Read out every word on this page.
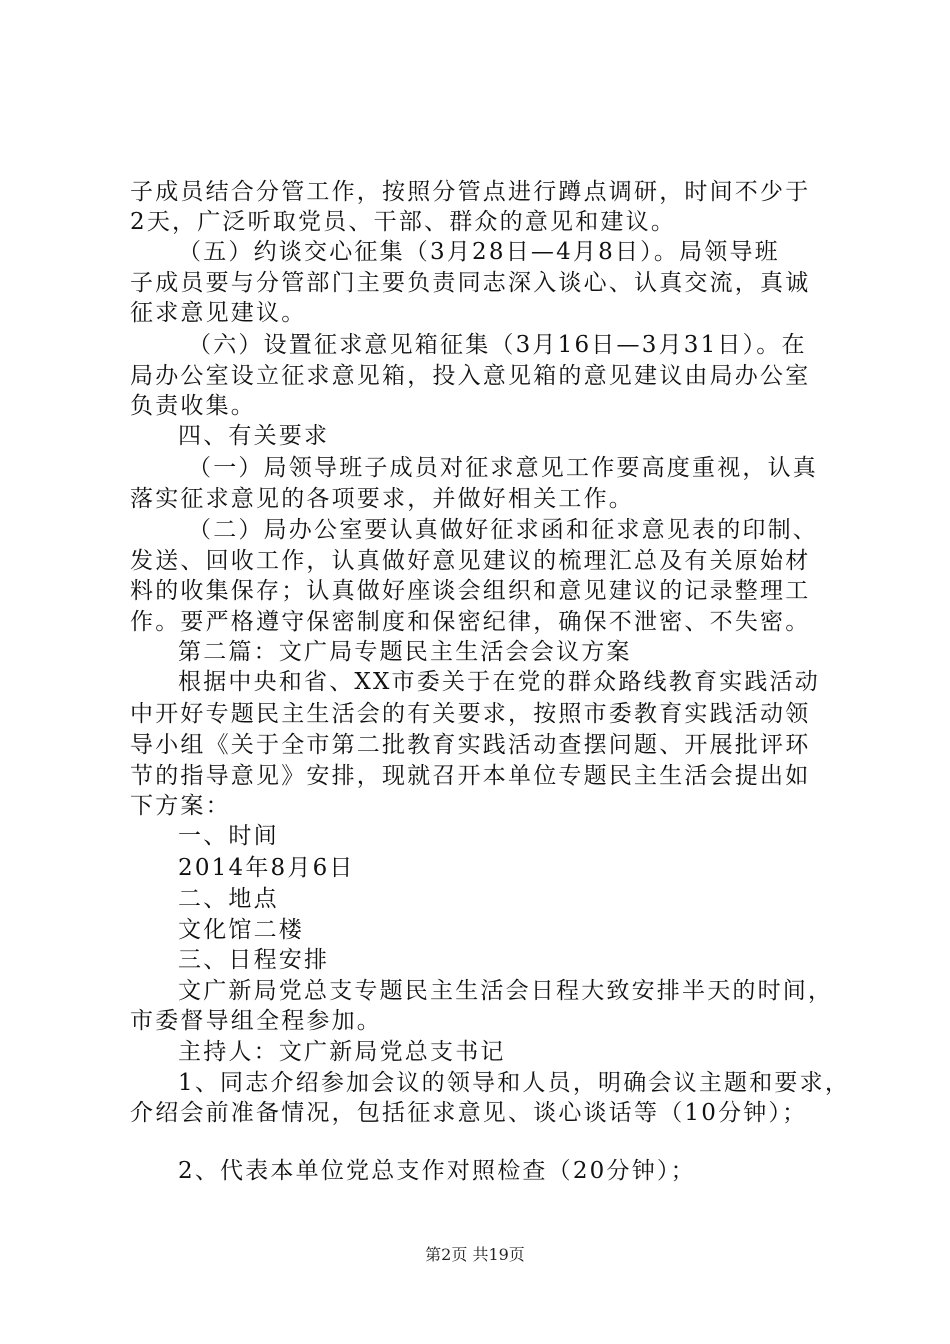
子成员结合分管工作，按照分管点进行蹲点调研，时间不少于
2天，广泛听取党员、干部、群众的意见和建议。
（五）约谈交心征集（3月28日—4月8日）。局领导班
子成员要与分管部门主要负责同志深入谈心、认真交流，真诚
征求意见建议。
（六）设置征求意见箱征集（3月16日—3月31日）。在
局办公室设立征求意见箱，投入意见箱的意见建议由局办公室
负责收集。
四、有关要求
（一）局领导班子成员对征求意见工作要高度重视，认真
落实征求意见的各项要求，并做好相关工作。
（二）局办公室要认真做好征求函和征求意见表的印制、
发送、回收工作，认真做好意见建议的梳理汇总及有关原始材
料的收集保存；认真做好座谈会组织和意见建议的记录整理工
作。要严格遵守保密制度和保密纪律，确保不泄密、不失密。
第二篇：文广局专题民主生活会会议方案
根据中央和省、XX市委关于在党的群众路线教育实践活动
中开好专题民主生活会的有关要求，按照市委教育实践活动领
导小组《关于全市第二批教育实践活动查摆问题、开展批评环
节的指导意见》安排，现就召开本单位专题民主生活会提出如
下方案：
一、时间
2014年8月6日
二、地点
文化馆二楼
三、日程安排
文广新局党总支专题民主生活会日程大致安排半天的时间，
市委督导组全程参加。
主持人：文广新局党总支书记
1、同志介绍参加会议的领导和人员，明确会议主题和要求，
介绍会前准备情况，包括征求意见、谈心谈话等（10分钟）；
2、代表本单位党总支作对照检查（20分钟）；
第2页 共19页
